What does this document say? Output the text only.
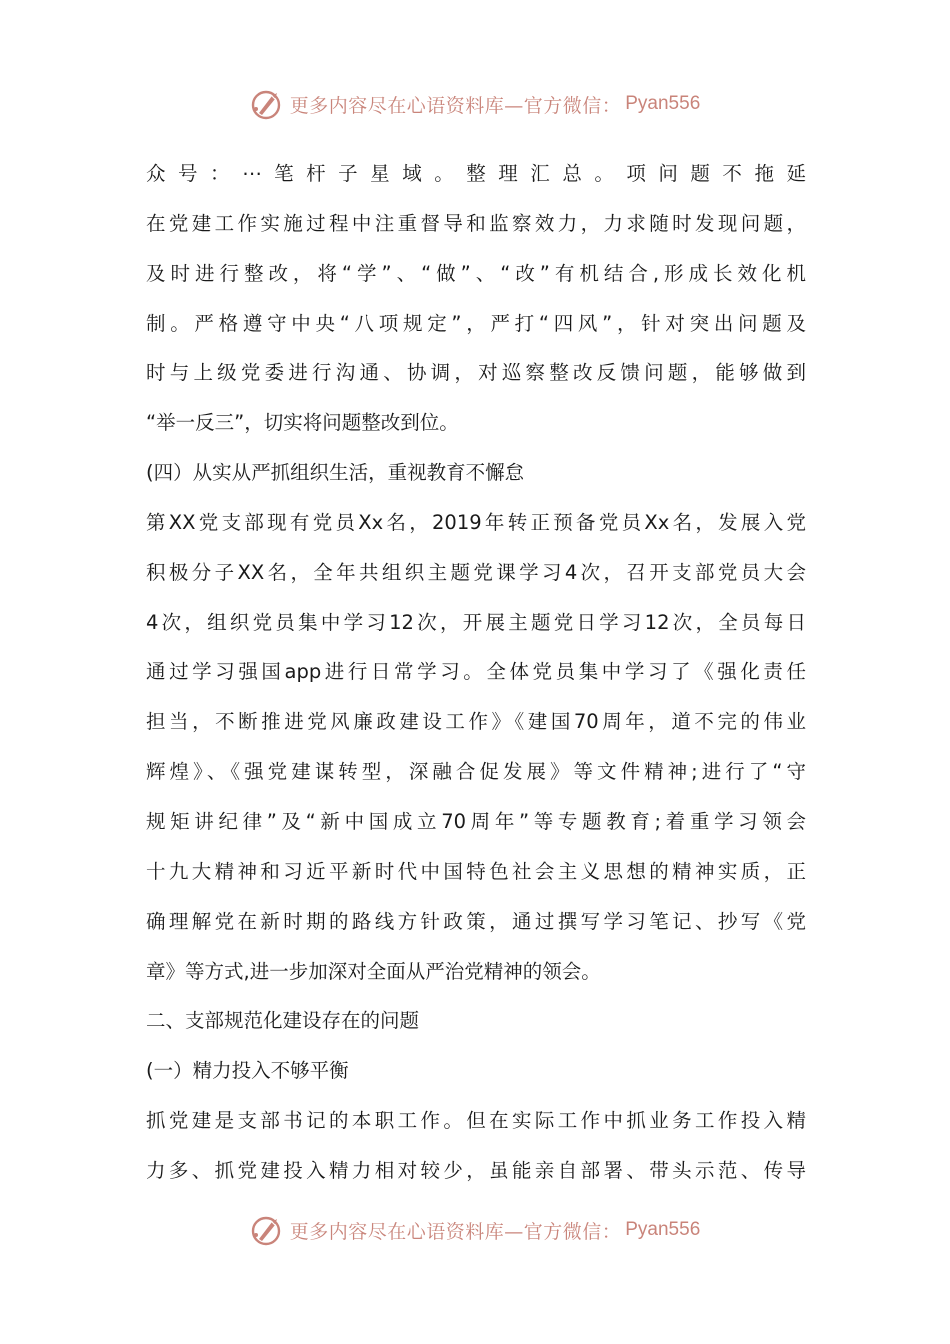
更多内容尽在心语资料库—官方微信： Pyan556
众号：⋯笔杆子星域。整理汇总。项问题不拖延
在党建工作实施过程中注重督导和监察效力，力求随时发现问题，
及时进行整改，将“学”、“做”、“改”有机结合,形成长效化机
制。严格遵守中央“八项规定”，严打“四风”，针对突出问题及
时与上级党委进行沟通、协调，对巡察整改反馈问题，能够做到
“举一反三”，切实将问题整改到位。
(四）从实从严抓组织生活，重视教育不懈怠
第XX党支部现有党员Xx名，2019年转正预备党员Xx名，发展入党
积极分子XX名，全年共组织主题党课学习4次，召开支部党员大会
4次，组织党员集中学习12次，开展主题党日学习12次，全员每日
通过学习强国app进行日常学习。全体党员集中学习了《强化责任
担当，不断推进党风廉政建设工作》《建国70周年，道不完的伟业
辉煌》、《强党建谋转型，深融合促发展》等文件精神;进行了“守
规矩讲纪律”及“新中国成立70周年”等专题教育;着重学习领会
十九大精神和习近平新时代中国特色社会主义思想的精神实质，正
确理解党在新时期的路线方针政策，通过撰写学习笔记、抄写《党
章》等方式,进一步加深对全面从严治党精神的领会。
二、支部规范化建设存在的问题
(一）精力投入不够平衡
抓党建是支部书记的本职工作。但在实际工作中抓业务工作投入精
力多、抓党建投入精力相对较少，虽能亲自部署、带头示范、传导
更多内容尽在心语资料库—官方微信： Pyan556
